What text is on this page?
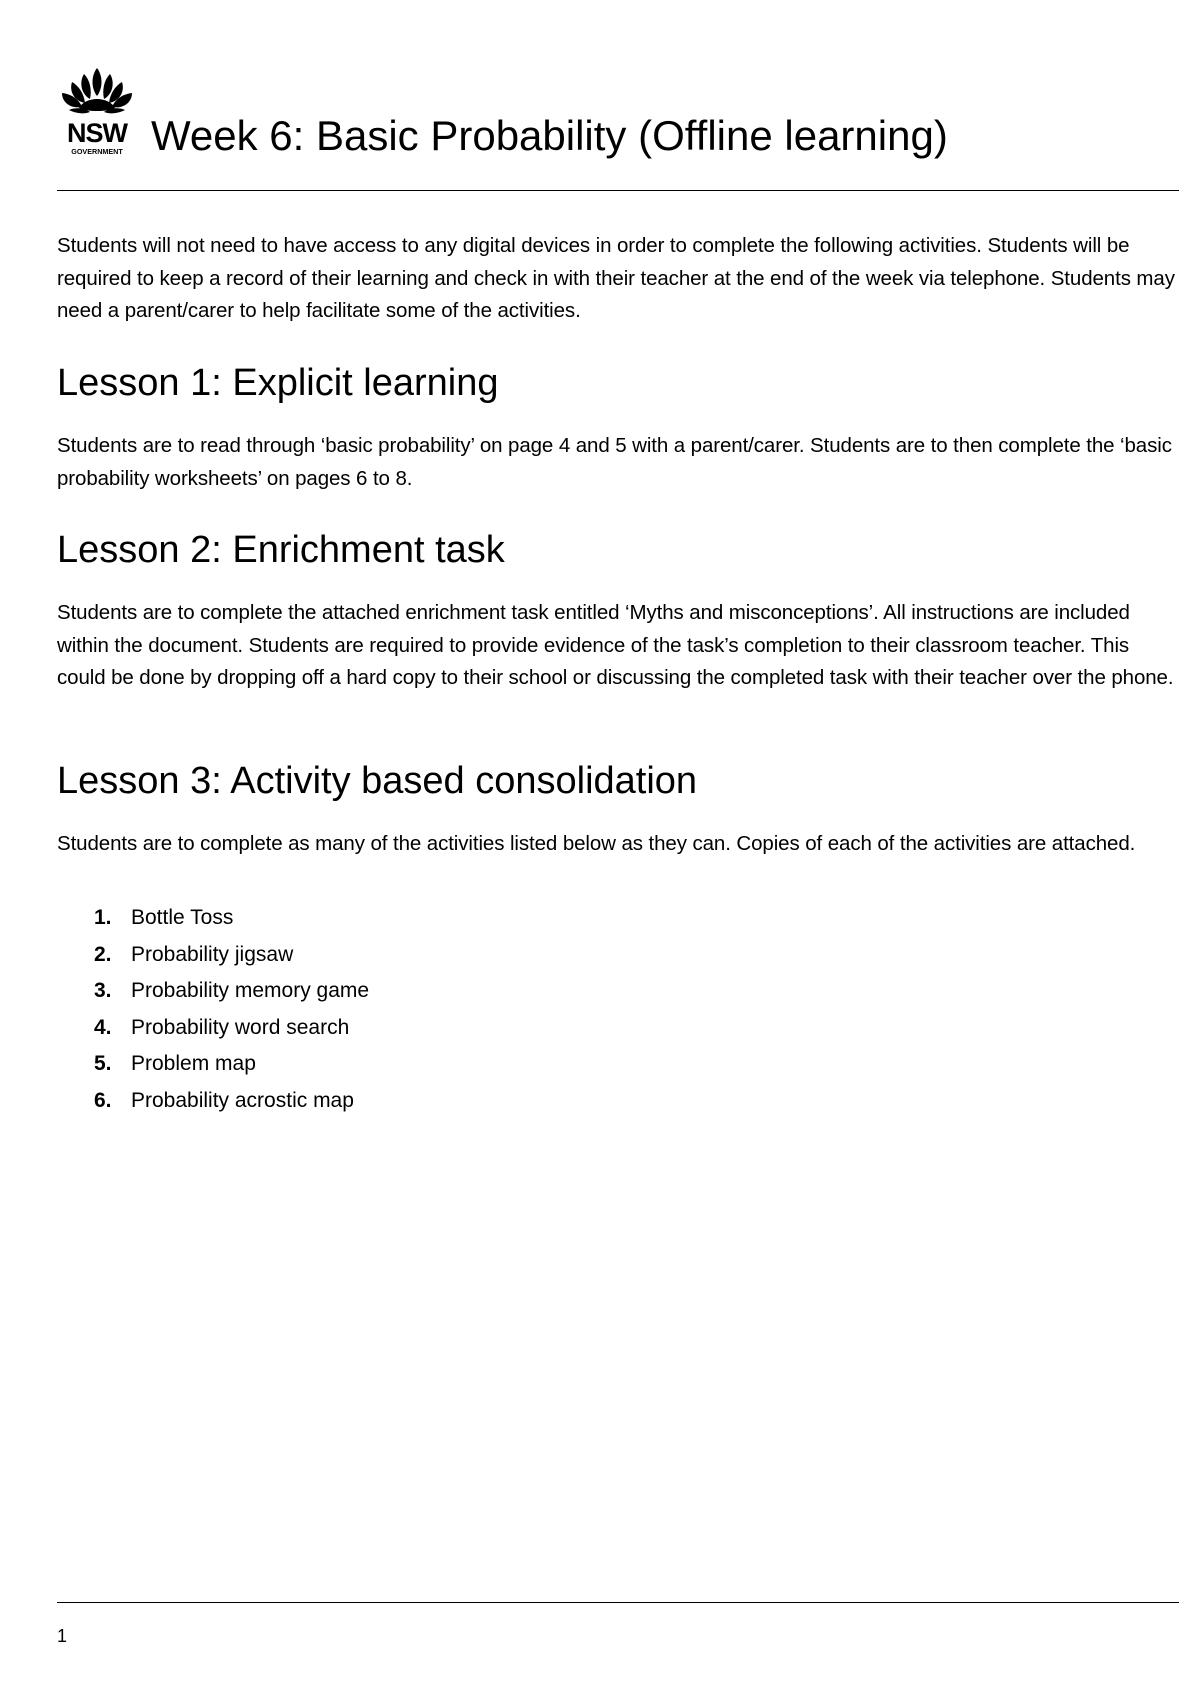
NSW
GOVERNMENT Week 6: Basic Probability (Offline learning)

Students will not need to have access to any digital devices in order to complete the following activities. Students will be required to keep a record of their learning and check in with their teacher at the end of the week via telephone. Students may need a parent/carer to help facilitate some of the activities.

Lesson 1: Explicit learning

Students are to read through ‘basic probability’ on page 4 and 5 with a parent/carer. Students are to then complete the ‘basic probability worksheets’ on pages 6 to 8.

Lesson 2: Enrichment task

Students are to complete the attached enrichment task entitled ‘Myths and misconceptions’. All instructions are included within the document. Students are required to provide evidence of the task’s completion to their classroom teacher. This could be done by dropping off a hard copy to their school or discussing the completed task with their teacher over the phone.

Lesson 3: Activity based consolidation

Students are to complete as many of the activities listed below as they can. Copies of each of the activities are attached.

1. Bottle Toss
2. Probability jigsaw
3. Probability memory game
4. Probability word search
5. Problem map
6. Probability acrostic map
1
